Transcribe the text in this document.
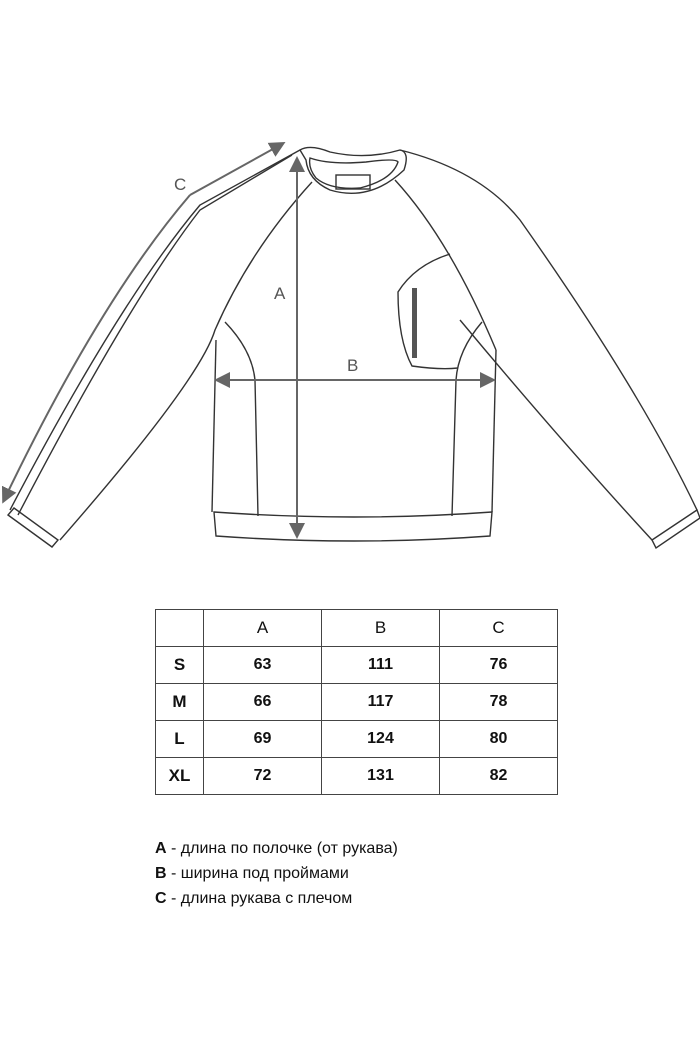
A
B
C
	A	B	C
S	63	111	76
M	66	117	78
L	69	124	80
XL	72	131	82
A - длина по полочке (от рукава)
B - ширина под проймами
C - длина рукава с плечом
